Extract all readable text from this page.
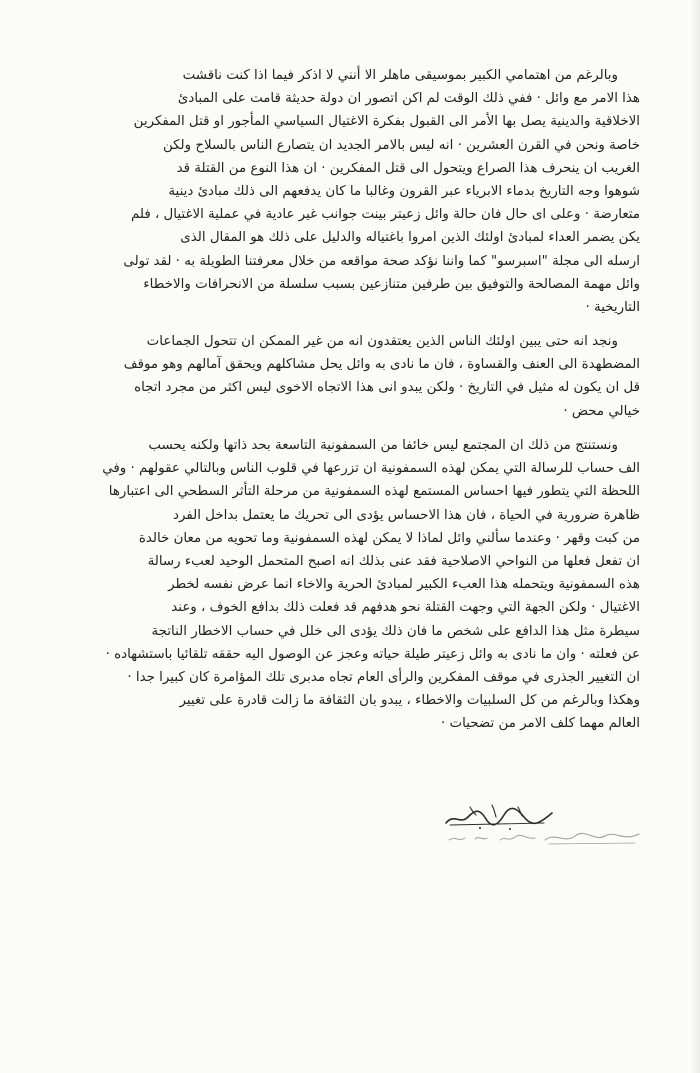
وبالرغم من اهتمامي الكبير بموسيقى ماهلر الا أنني لا اذكر فيما اذا كنت ناقشت
هذا الامر مع وائل · ففي ذلك الوقت لم اكن اتصور ان دولة حديثة قامت على المبادئ
الاخلاقية والدينية يصل بها الأمر الى القبول بفكرة الاغتيال السياسي المأجور او قتل المفكرين
خاصة ونحن في القرن العشرين · انه ليس بالامر الجديد ان يتصارع الناس بالسلاح ولكن
الغريب ان ينحرف هذا الصراع ويتحول الى قتل المفكرين · ان هذا النوع من القتلة قد
شوهوا وجه التاريخ بدماء الابرياء عبر القرون وغالبا ما كان يدفعهم الى ذلك مبادئ دينية
متعارضة · وعلى اى حال فان حالة وائل زعيتر بينت جوانب غير عادية في عملية الاغتيال ، فلم
يكن يضمر العداء لمبادئ اولئك الذين امروا باغتياله والدليل على ذلك هو المقال الذى
ارسله الى مجلة "اسبرسو" كما واننا نؤكد صحة مواقعه من خلال معرفتنا الطويلة به · لقد تولى
وائل مهمة المصالحة والتوفيق بين طرفين متنازعين بسبب سلسلة من الانحرافات والاخطاء
التاريخية ·
ونجد انه حتى يبين اولئك الناس الذين يعتقدون انه من غير الممكن ان تتحول الجماعات
المضطهدة الى العنف والقساوة ، فان ما نادى به وائل يحل مشاكلهم ويحقق آمالهم وهو موقف
قل ان يكون له مثيل في التاريخ · ولكن يبدو انى هذا الاتجاه الاخوى ليس اكثر من مجرد اتجاه
خيالي محض ·
ونستنتج من ذلك ان المجتمع ليس خائفا من السمفونية التاسعة بحد ذاتها ولكنه يحسب
الف حساب للرسالة التي يمكن لهذه السمفونية ان تزرعها في قلوب الناس وبالتالي عقولهم · وفي
اللحظة التي يتطور فيها احساس المستمع لهذه السمفونية من مرحلة التأثر السطحي الى اعتبارها
ظاهرة ضرورية في الحياة ، فان هذا الاحساس يؤدى الى تحريك ما يعتمل بداخل الفرد
من كبت وقهر · وعندما سألني وائل لماذا لا يمكن لهذه السمفونية وما تحويه من معان خالدة
ان تفعل فعلها من النواحي الاصلاحية فقد عنى بذلك انه اصبح المتحمل الوحيد لعبء رسالة
هذه السمفونية ويتحمله هذا العبء الكبير لمبادئ الحرية والاخاء انما عرض نفسه لخطر
الاغتيال · ولكن الجهة التي وجهت القتلة نحو هدفهم قد فعلت ذلك بدافع الخوف ، وعند
سيطرة مثل هذا الدافع على شخص ما فان ذلك يؤدى الى خلل في حساب الاخطار الناتجة
عن فعلته · وان ما نادى به وائل زعيتر طيلة حياته وعجز عن الوصول اليه حققه تلقائيا باستشهاده ·
ان التغيير الجذرى في موقف المفكرين والرأى العام تجاه مدبرى تلك المؤامرة كان كبيرا جدا ·
وهكذا وبالرغم من كل السلبيات والاخطاء ، يبدو بان الثقافة ما زالت قادرة على تغيير
العالم مهما كلف الامر من تضحيات ·
